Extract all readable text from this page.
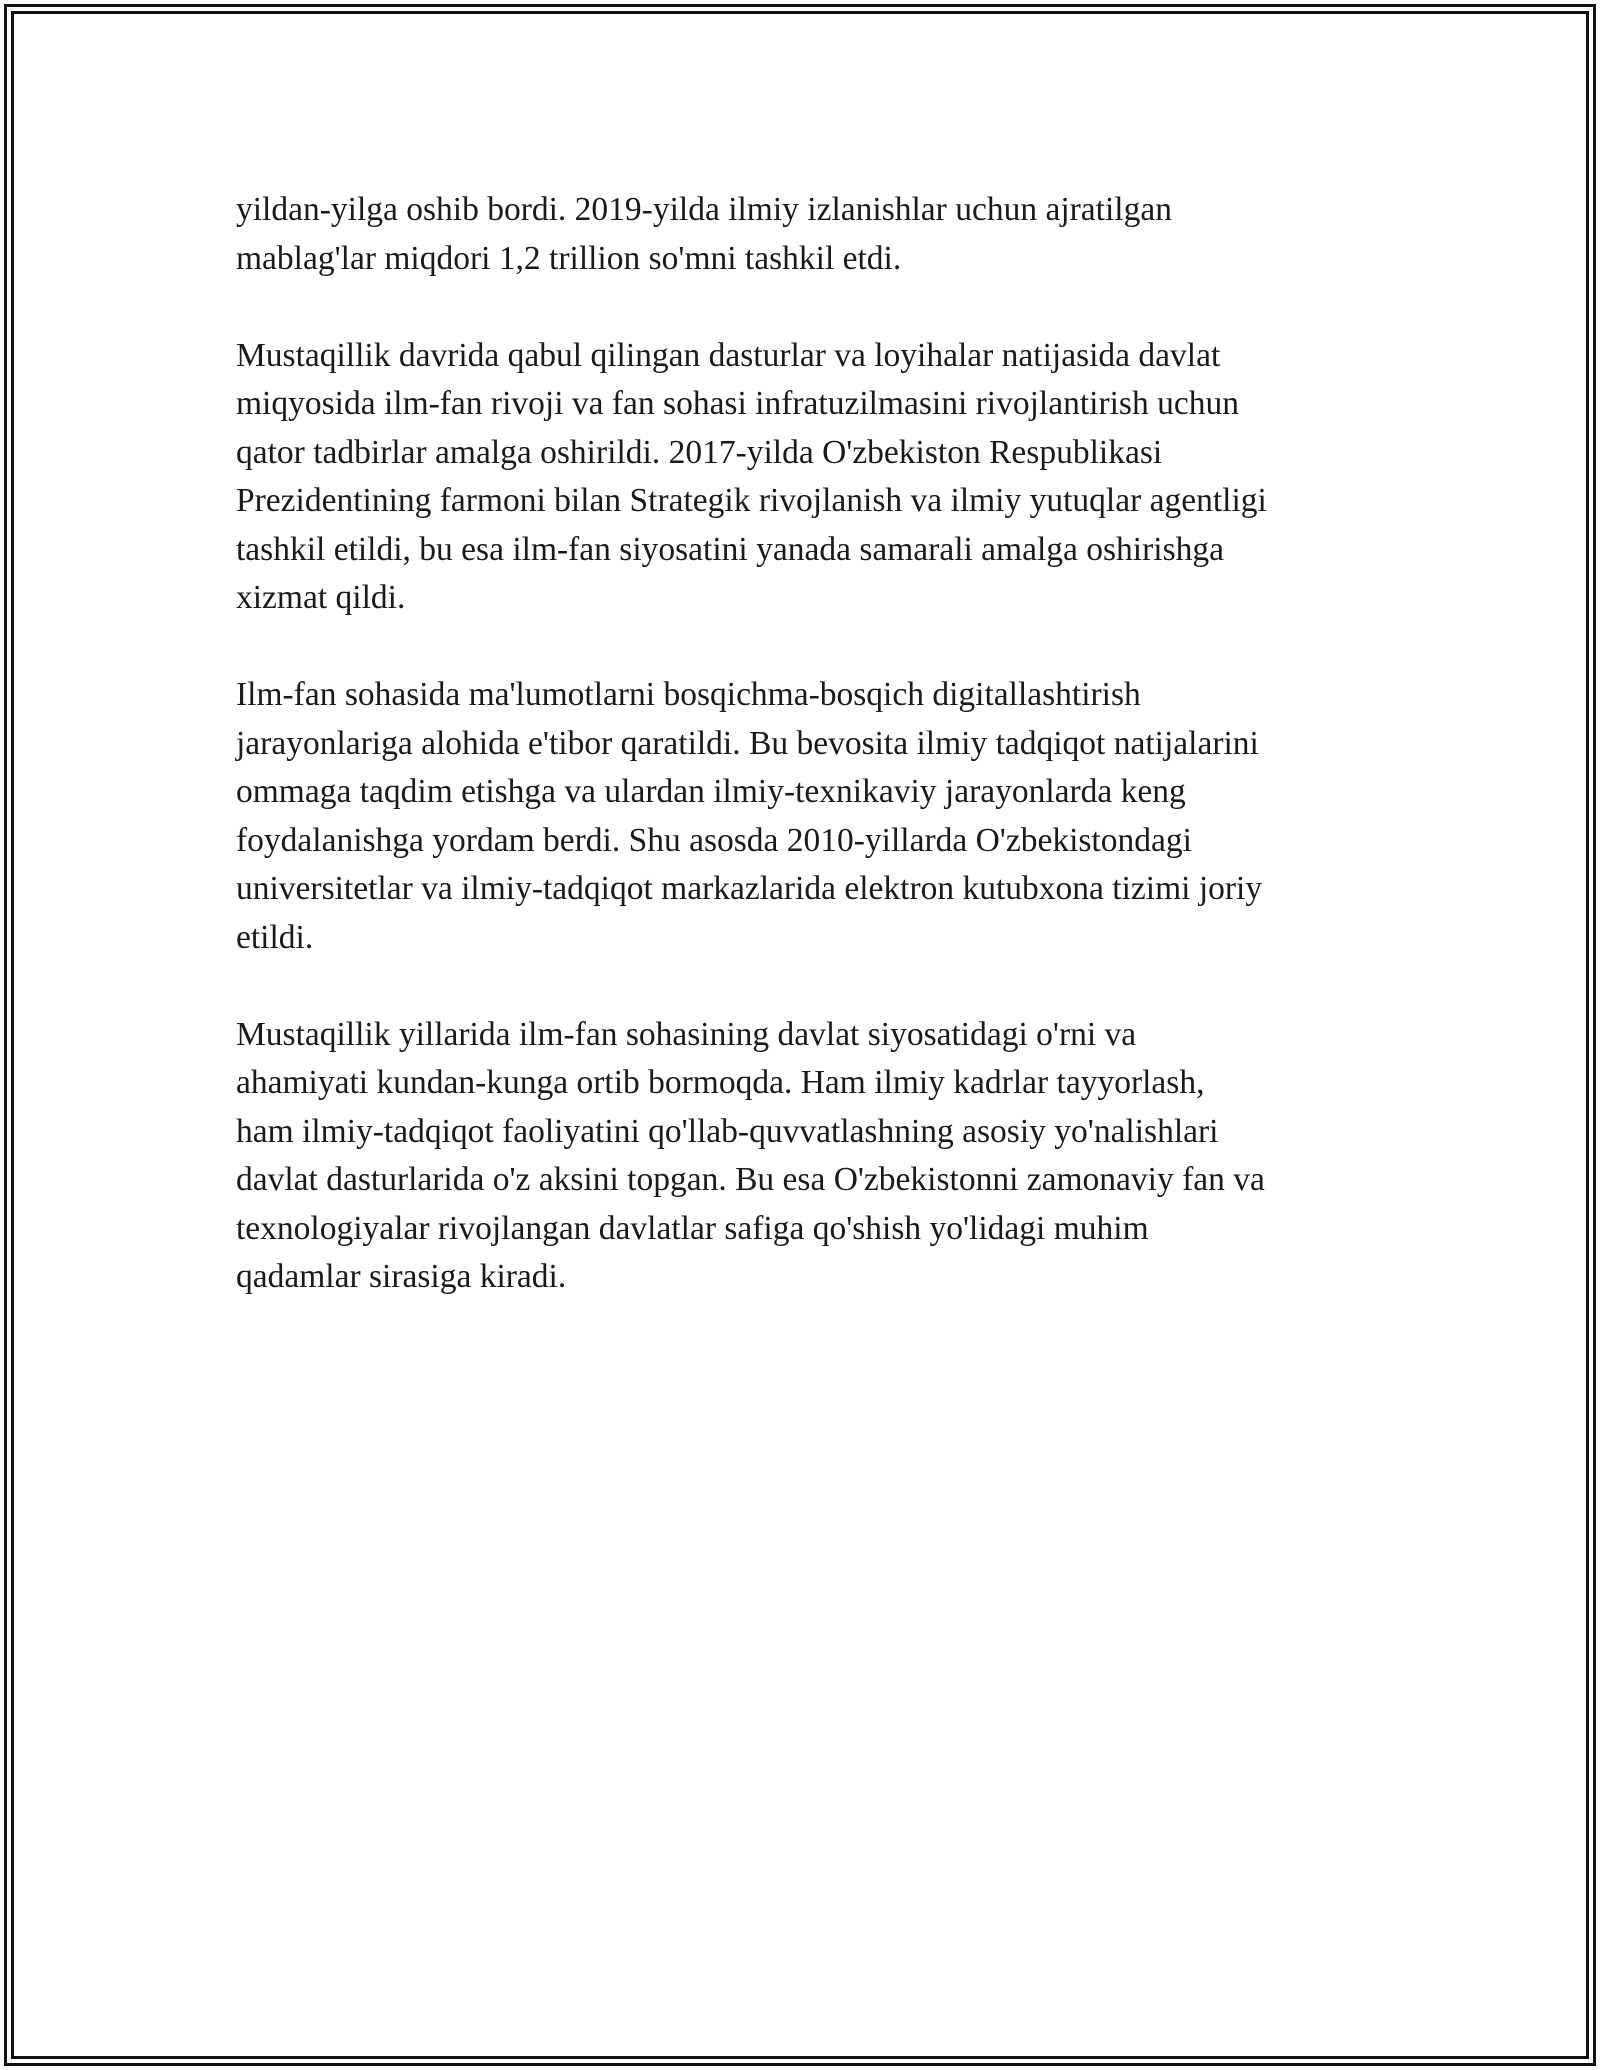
yildan-yilga oshib bordi. 2019-yilda ilmiy izlanishlar uchun ajratilgan
mablag'lar miqdori 1,2 trillion so'mni tashkil etdi.

Mustaqillik davrida qabul qilingan dasturlar va loyihalar natijasida davlat
miqyosida ilm-fan rivoji va fan sohasi infratuzilmasini rivojlantirish uchun
qator tadbirlar amalga oshirildi. 2017-yilda O'zbekiston Respublikasi
Prezidentining farmoni bilan Strategik rivojlanish va ilmiy yutuqlar agentligi
tashkil etildi, bu esa ilm-fan siyosatini yanada samarali amalga oshirishga
xizmat qildi.

Ilm-fan sohasida ma'lumotlarni bosqichma-bosqich digitallashtirish
jarayonlariga alohida e'tibor qaratildi. Bu bevosita ilmiy tadqiqot natijalarini
ommaga taqdim etishga va ulardan ilmiy-texnikaviy jarayonlarda keng
foydalanishga yordam berdi. Shu asosda 2010-yillarda O'zbekistondagi
universitetlar va ilmiy-tadqiqot markazlarida elektron kutubxona tizimi joriy
etildi.

Mustaqillik yillarida ilm-fan sohasining davlat siyosatidagi o'rni va
ahamiyati kundan-kunga ortib bormoqda. Ham ilmiy kadrlar tayyorlash,
ham ilmiy-tadqiqot faoliyatini qo'llab-quvvatlashning asosiy yo'nalishlari
davlat dasturlarida o'z aksini topgan. Bu esa O'zbekistonni zamonaviy fan va
texnologiyalar rivojlangan davlatlar safiga qo'shish yo'lidagi muhim
qadamlar sirasiga kiradi.
